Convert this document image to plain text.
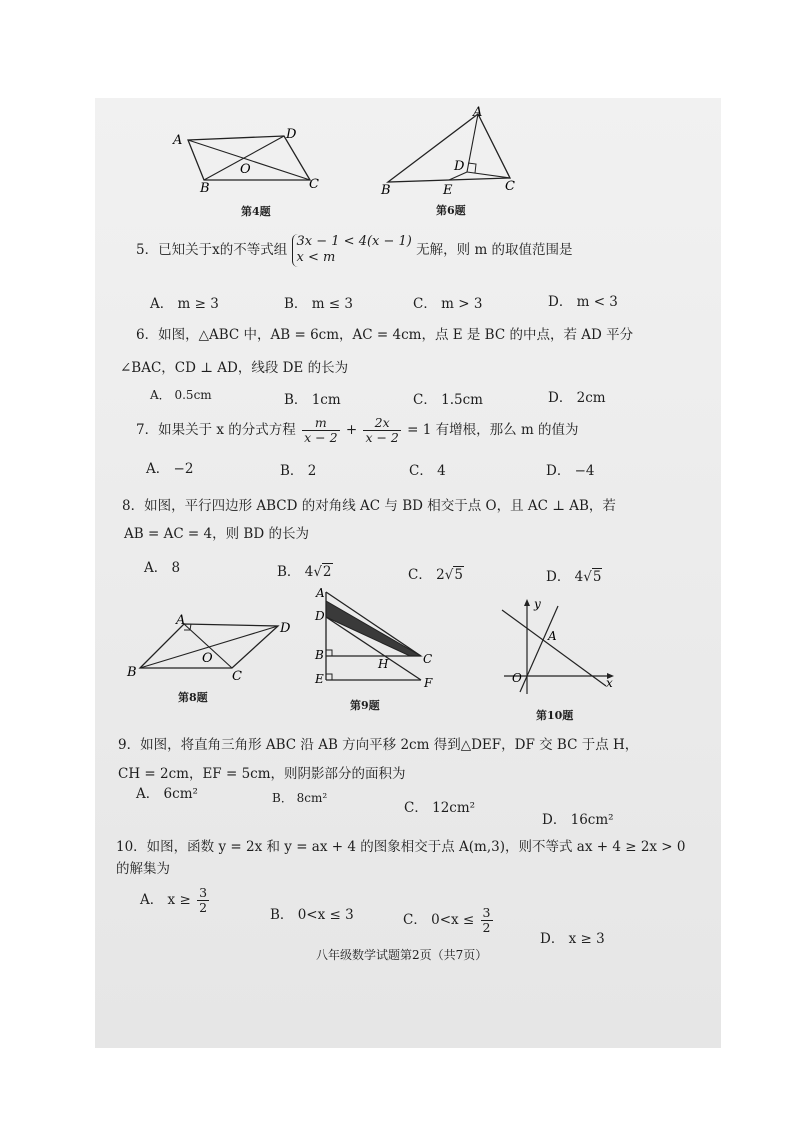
A	D
O
B	C
第4题
A
D
B	E	C
第6题
5．已知关于x的不等式组
3x − 1 < 4(x − 1)
x < m	无解，则 m 的取值范围是
A． m ≥ 3	B． m ≤ 3	C． m > 3	D． m < 3
6．如图，△ABC 中，AB = 6cm，AC = 4cm，点 E 是 BC 的中点，若 AD 平分
∠BAC，CD ⊥ AD，线段 DE 的长为
A． 0.5cm	B． 1cm	C． 1.5cm	D． 2cm
7．如果关于 x 的分式方程 $\frac{m}{x - 2} + \frac{2x}{x - 2} = 1$ 有增根，那么 m 的值为
A． −2	B． 2	C． 4	D． −4
8．如图，平行四边形 ABCD 的对角线 AC 与 BD 相交于点 O，且 AC ⊥ AB，若
AB = AC = 4，则 BD 的长为
A． 8	B． 4√2	C． 2√5	D． 4√5
A
D
O
B	C
第8题
A
D
B
H	C
E	F
第9题
y
A
O	x
第10题
9．如图，将直角三角形 ABC 沿 AB 方向平移 2cm 得到△DEF，DF 交 BC 于点 H，
CH = 2cm，EF = 5cm，则阴影部分的面积为
A． 6cm²	B． 8cm²
C． 12cm²
D． 16cm²
10．如图，函数 y = 2x 和 y = ax + 4 的图象相交于点 A(m,3)，则不等式 ax + 4 ≥ 2x > 0
的解集为
A． $x \ge \frac{3}{2}$
B． 0<x ≤ 3	C． $0<x \le \frac{3}{2}$
D． x ≥ 3
八年级数学试题第2页（共7页）
